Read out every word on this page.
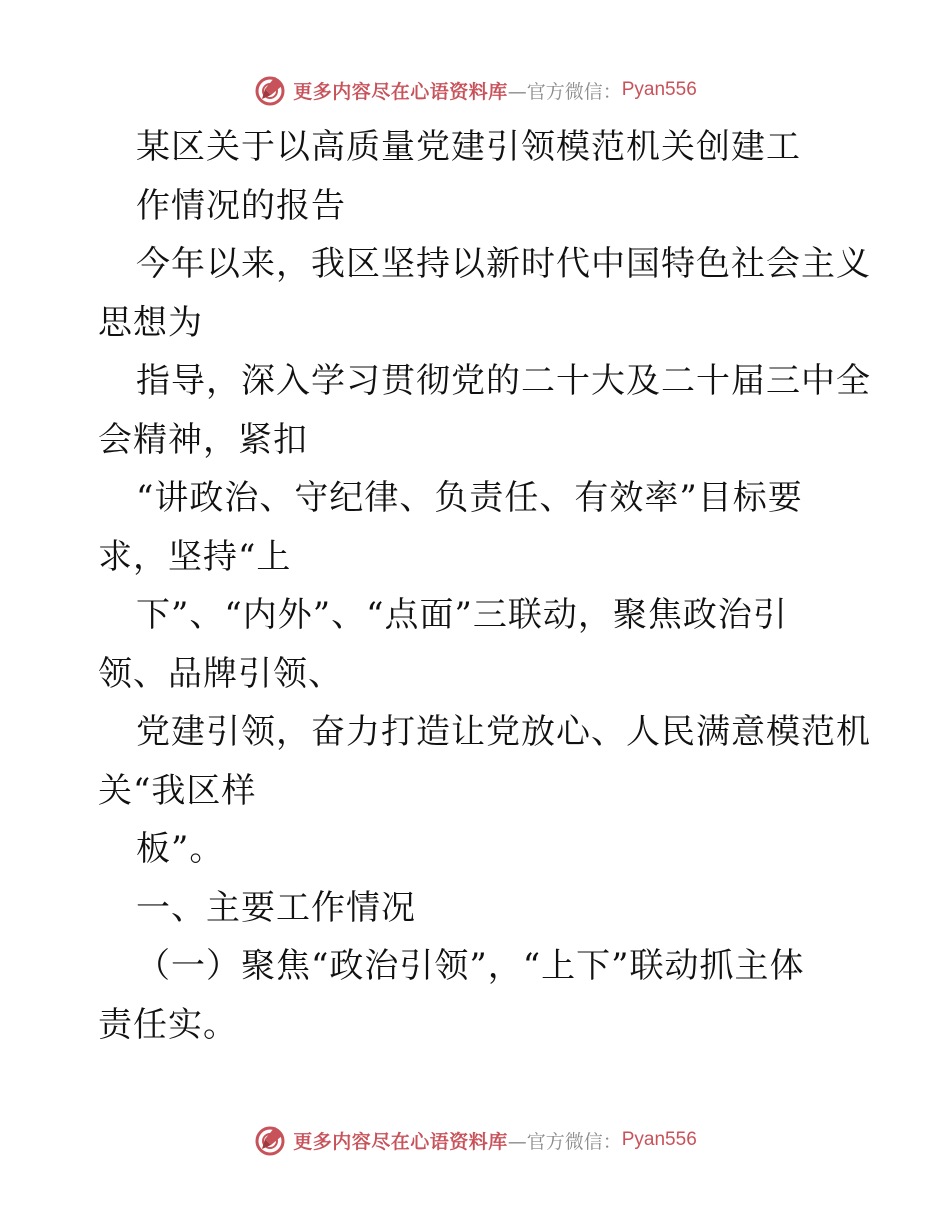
更多内容尽在心语资料库 —官方微信： Pyan556
某区关于以高质量党建引领模范机关创建工
作情况的报告
今年以来，我区坚持以新时代中国特色社会主义
思想为
指导，深入学习贯彻党的二十大及二十届三中全
会精神，紧扣
“讲政治、守纪律、负责任、有效率”目标要
求，坚持“上
下”、“内外”、“点面”三联动，聚焦政治引
领、品牌引领、
党建引领，奋力打造让党放心、人民满意模范机
关“我区样
板”。
一、主要工作情况
（一）聚焦“政治引领”，“上下”联动抓主体
责任实。
更多内容尽在心语资料库 —官方微信： Pyan556
